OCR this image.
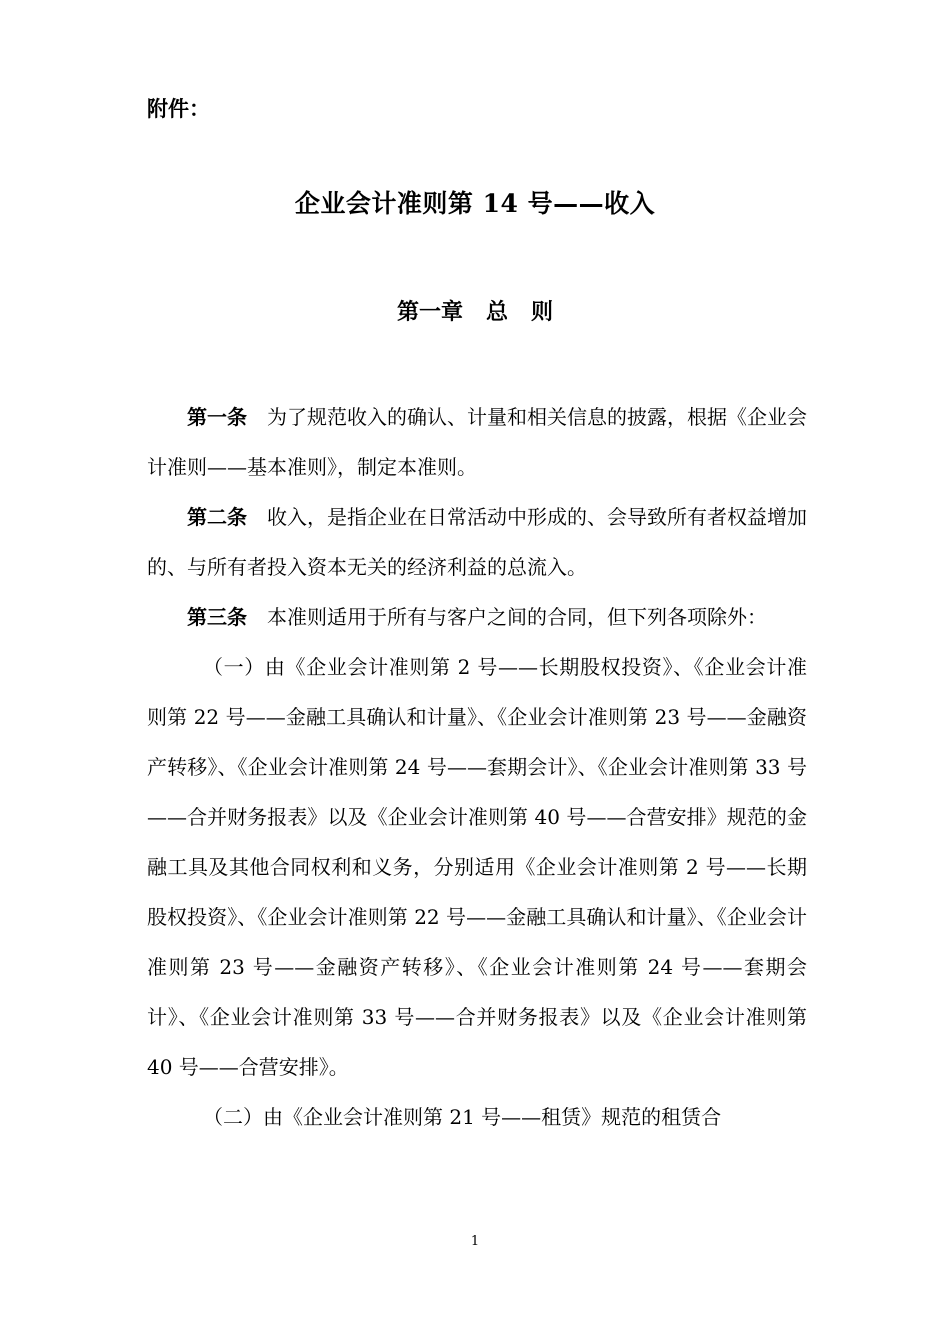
附件：

企业会计准则第 14 号——收入
第一章   总   则

第一条 为了规范收入的确认、计量和相关信息的披露，根据《企业会计准则——基本准则》，制定本准则。

第二条 收入，是指企业在日常活动中形成的、会导致所有者权益增加的、与所有者投入资本无关的经济利益的总流入。

第三条 本准则适用于所有与客户之间的合同，但下列各项除外：

（一）由《企业会计准则第 2 号——长期股权投资》、《企业会计准则第 22 号——金融工具确认和计量》、《企业会计准则第 23 号——金融资产转移》、《企业会计准则第 24 号——套期会计》、《企业会计准则第 33 号——合并财务报表》以及《企业会计准则第 40 号——合营安排》规范的金融工具及其他合同权利和义务，分别适用《企业会计准则第 2 号——长期股权投资》、《企业会计准则第 22 号——金融工具确认和计量》、《企业会计准则第 23 号——金融资产转移》、《企业会计准则第 24 号——套期会计》、《企业会计准则第 33 号——合并财务报表》以及《企业会计准则第 40 号——合营安排》。

（二）由《企业会计准则第 21 号——租赁》规范的租赁合

1
